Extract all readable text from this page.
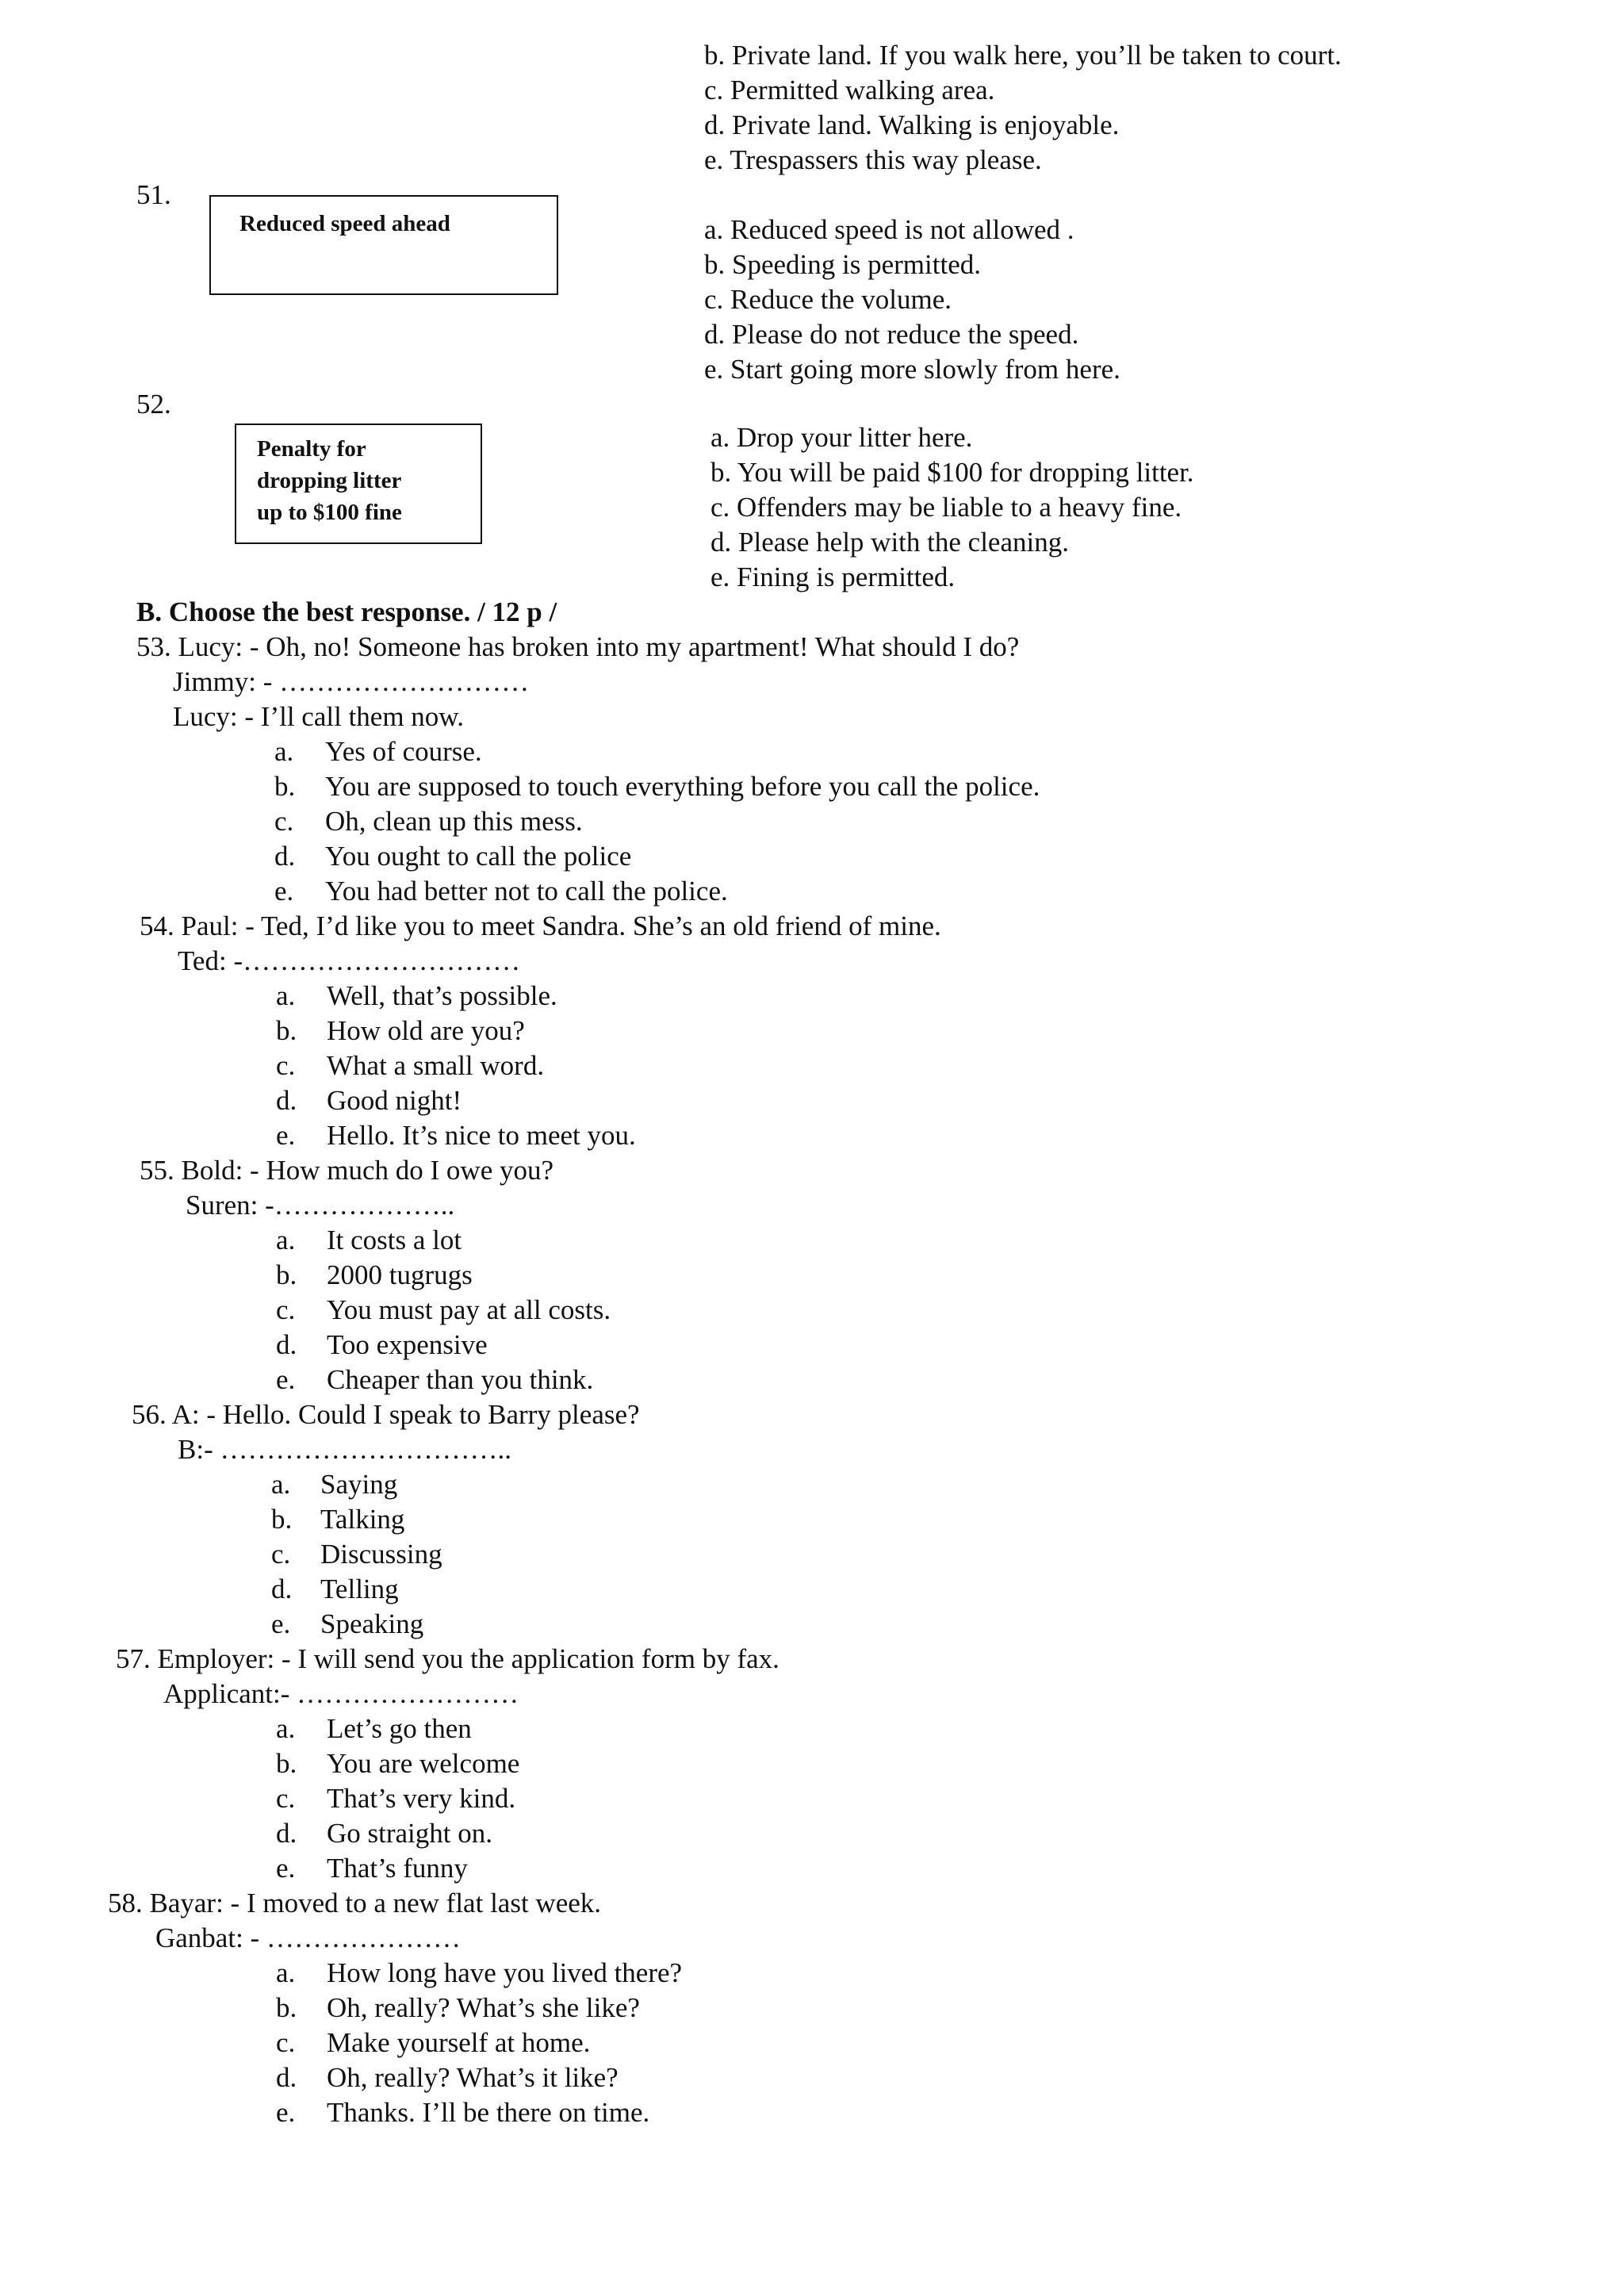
b. Private land. If you walk here, you’ll be taken to court.
c. Permitted walking area.
d. Private land. Walking is enjoyable.
e. Trespassers this way please.
51.
Reduced speed ahead	a. Reduced speed is not allowed .
b. Speeding is permitted.
c. Reduce the volume.
d. Please do not reduce the speed.
e. Start going more slowly from here.
52.
Penalty for
dropping litter
up to $100 fine
a. Drop your litter here.
b. You will be paid $100 for dropping litter.
c. Offenders may be liable to a heavy fine.
d. Please help with the cleaning.
e. Fining is permitted.
B. Choose the best response. / 12 p /
53. Lucy: - Oh, no! Someone has broken into my apartment! What should I do?
Jimmy: - ………………………
Lucy: - I’ll call them now.
a. Yes of course.
b. You are supposed to touch everything before you call the police.
c. Oh, clean up this mess.
d. You ought to call the police
e. You had better not to call the police.
54. Paul: - Ted, I’d like you to meet Sandra. She’s an old friend of mine.
Ted: -…………………………
a. Well, that’s possible.
b. How old are you?
c. What a small word.
d. Good night!
e. Hello. It’s nice to meet you.
55. Bold: - How much do I owe you?
Suren: -………………..
a. It costs a lot
b. 2000 tugrugs
c. You must pay at all costs.
d. Too expensive
e. Cheaper than you think.
56. A: - Hello. Could I speak to Barry please?
B:- …………………………..
a. Saying
b. Talking
c. Discussing
d. Telling
e. Speaking
57. Employer: - I will send you the application form by fax.
Applicant:- ……………………
a. Let’s go then
b. You are welcome
c. That’s very kind.
d. Go straight on.
e. That’s funny
58. Bayar: - I moved to a new flat last week.
Ganbat: - …………………
a. How long have you lived there?
b. Oh, really? What’s she like?
c. Make yourself at home.
d. Oh, really? What’s it like?
e. Thanks. I’ll be there on time.
